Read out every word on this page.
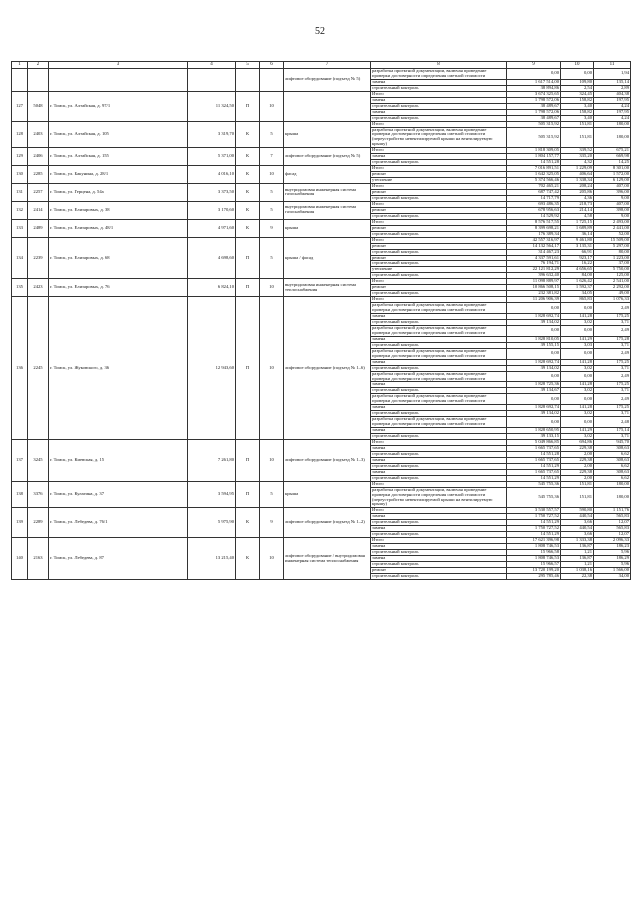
52
1	2	3	4	5	6	7	8	9	10	11
						лифтовое оборудование (подъезд № 5)	разработка проектной документации, включая проведение проверки достоверности определения сметной стоимости	0,00	0,00	1,94
							замена	1 617 514,00	109,80	135,14
							строительный контроль	38 894,86	2,54	2,89
127	5048	г. Томск, ул. Алтайская, д. 97/1	11 324,50	П	10		Итого	3 674 325,65	324,45	404,38
							замена	1 798 572,06	158,82	197,95
							строительный контроль	38 489,67	3,40	4,24
							замена	1 798 572,06	158,82	197,95
							строительный контроль	38 489,67	3,40	4,24
128	2403	г. Томск, ул. Алтайская, д. 105	3 319,70	К	5	крыша	Итого	505 315,92	151,81	180,00
							разработка проектной документации, включая проведение проверки достоверности определения сметной стоимости (переустройство невентилируемой крыши на вентилируемую крышу)	505 315,92	151,81	180,00
129	2406	г. Томск, ул. Алтайская, д. 155	5 371,00	К	7	лифтовое оборудование (подъезд № 5)	Итого	1 818 309,05	339,52	675,21
							замена	1 804 157,77	335,20	669,98
							строительный контроль	14 551,28	4,32	14,25
130	2285	г. Томск, ул. Бакунина, д. 28/1	4 016,10	К	10	фасад	Итого	7 016 891,51	1 229,09	8 301,00
							ремонт	1 642 325,05	406,64	1 572,00
							утепление	5 374 566,46	1 338,34	6 129,00
131	2257	г. Томск, ул. Герцена, д. 54а	3 373,50	К	5	внутридомовая инженерная система газоснабжения	Итого	702 465,21	208,24	407,00
							ремонт	687 747,42	205,86	396,00
							строительный контроль	14 717,79	4,36	9,00
132	2414	г. Томск, ул. Елизаровых, д. 38	3 170,60	К	5	внутридомовая инженерная система газоснабжения	Итого	693 486,35	218,73	407,00
							ремонт	678 956,63	214,14	398,00
							строительный контроль	14 529,92	4,58	9,00
133	2489	г. Томск, ул. Елизаровых, д. 48/1	4 971,60	К	9	крыша	Итого	8 576 517,55	1 725,15	2 493,00
							ремонт	8 399 698,21	1 689,89	2 441,00
							строительный контроль	176 389,34	36,14	52,00
134	2239	г. Томск, ул. Елизаровых, д. 68	4 698,60	П	5	крыша / фасад	Итого	42 557 316,97	9 461,80	15 509,00
							ремонт	14 132 564,17	3 135,31	5 297,00
							строительный контроль	314 467,23	66,91	80,00
							ремонт	4 337 591,61	923,17	1 223,00
							строительный контроль	76 194,71	16,22	37,00
							утепление	22 121 812,29	4 656,65	5 750,00
							строительный контроль	396 632,40	84,00	125,00
135	2423	г. Томск, ул. Елизаровых, д. 76	6 824,10	П	10	внутридомовая инженерная система теплоснабжения	Итого	11 098 889,97	1 626,42	2 541,00
							ремонт	10 866 508,15	1 592,37	2 292,00
							строительный контроль	232 381,82	34,05	49,00
136	2245	г. Томск, ул. Жуковского, д. 36	12 943,60	П	10	лифтовое оборудование (подъезд № 1–6)	Итого	11 206 906,39	865,83	1 076,33
							разработка проектной документации, включая проведение проверки достоверности определения сметной стоимости	0,00	0,00	2,49
							замена	1 828 692,74	141,28	175,25
							строительный контроль	39 134,02	3,02	3,71
							разработка проектной документации, включая проведение проверки достоверности определения сметной стоимости	0,00	0,00	2,49
							замена	1 828 810,05	141,29	175,28
							строительный контроль	39 155,15	3,03	3,71
							разработка проектной документации, включая проведение проверки достоверности определения сметной стоимости	0,00	0,00	2,49
							замена	1 828 692,74	141,28	175,25
							строительный контроль	39 134,02	3,02	3,71
							разработка проектной документации, включая проведение проверки достоверности определения сметной стоимости	0,00	0,00	2,49
							замена	1 828 725,36	141,28	175,25
							строительный контроль	39 134,67	3,02	3,71
							разработка проектной документации, включая проведение проверки достоверности определения сметной стоимости	0,00	0,00	2,49
							замена	1 828 692,74	141,28	175,25
							строительный контроль	39 134,02	3,02	3,71
							разработка проектной документации, включая проведение проверки достоверности определения сметной стоимости	0,00	0,00	2,48
							замена	1 828 650,95	141,29	175,14
							строительный контроль	39 133,15	3,02	3,71
137	3245	г. Томск, ул. Киевская, д. 15	7 261,80	П	10	лифтовое оборудование (подъезд № 1–3)	Итого	5 049 866,85	694,86	945,70
							замена	1 665 737,65	229,38	308,63
							строительный контроль	14 551,28	2,00	6,62
							замена	1 665 737,65	229,38	308,63
							строительный контроль	14 551,29	2,00	6,62
							замена	1 665 737,65	229,38	308,63
							строительный контроль	14 551,29	2,00	6,62
138	3376	г. Томск, ул. Кулагина, д. 37	3 594,95	П	5	крыша	Итого	545 755,36	151,81	180,00
							разработка проектной документации, включая проведение проверки достоверности определения сметной стоимости (переустройство невентилируемой крыши на вентилируемую крышу)	545 755,36	151,81	180,00
139	2289	г. Томск, ул. Лебедева, д. 76/1	5 975,90	К	9	лифтовое оборудование (подъезд № 1–2)	Итого	3 530 557,57	590,80	1 151,76
							замена	1 750 727,52	440,54	565,83
							строительный контроль	14 551,29	3,66	12,07
							замена	1 750 727,52	440,54	565,83
							строительный контроль	14 551,29	3,66	12,07
140	2163	г. Томск, ул. Лебедева, д. 87	13 215,40	К	10	лифтовое оборудование / внутридомовая инженерная система теплоснабжения	Итого	17 621 396,98	1 333,38	2 096,33
							замена	1 808 746,53	136,87	186,23
							строительный контроль	15 966,58	1,21	5,96
							замена	1 808 746,53	136,87	186,29
							строительный контроль	15 966,57	1,21	5,96
							ремонт	13 720 199,20	1 038,16	1 566,00
							строительный контроль	295 785,46	22,38	34,00
